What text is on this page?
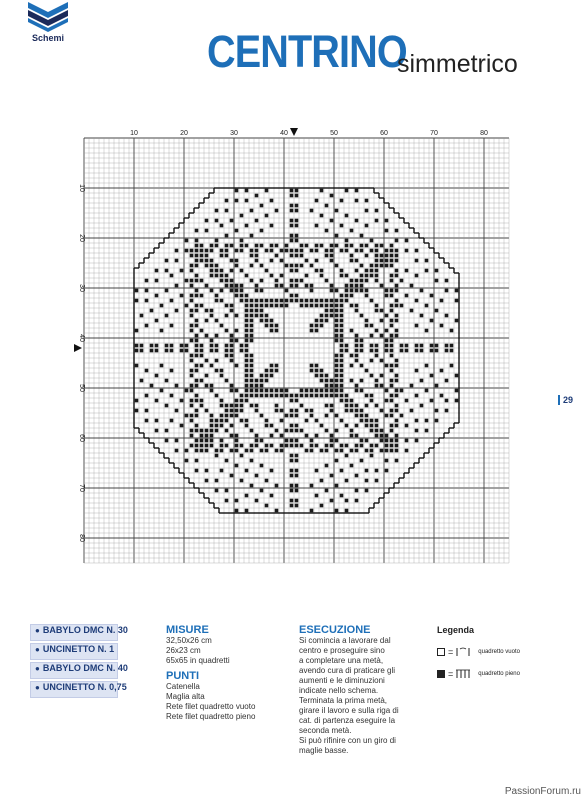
Schemi	CENTRINO
simmetrico
10	20	30	40	50	60	70	80
10
20
30
40
50
60
70
80
29
● BABYLO DMC N. 30
● UNCINETTO N. 1
● BABYLO DMC N. 40
● UNCINETTO N. 0,75
MISURE
32,50x26 cm
26x23 cm
65x65 in quadretti
PUNTI
Catenella
Maglia alta
Rete filet quadretto vuoto
Rete filet quadretto pieno
ESECUZIONE
Si comincia a lavorare dal
centro e proseguire sino
a completare una metà,
avendo cura di praticare gli
aumenti e le diminuzioni
indicate nello schema.
Terminata la prima metà,
girare il lavoro e sulla riga di
cat. di partenza eseguire la
seconda metà.
Si può rifinire con un giro di
maglie basse.
Legenda
=	quadretto vuoto
=	quadretto pieno
PassionForum.ru
